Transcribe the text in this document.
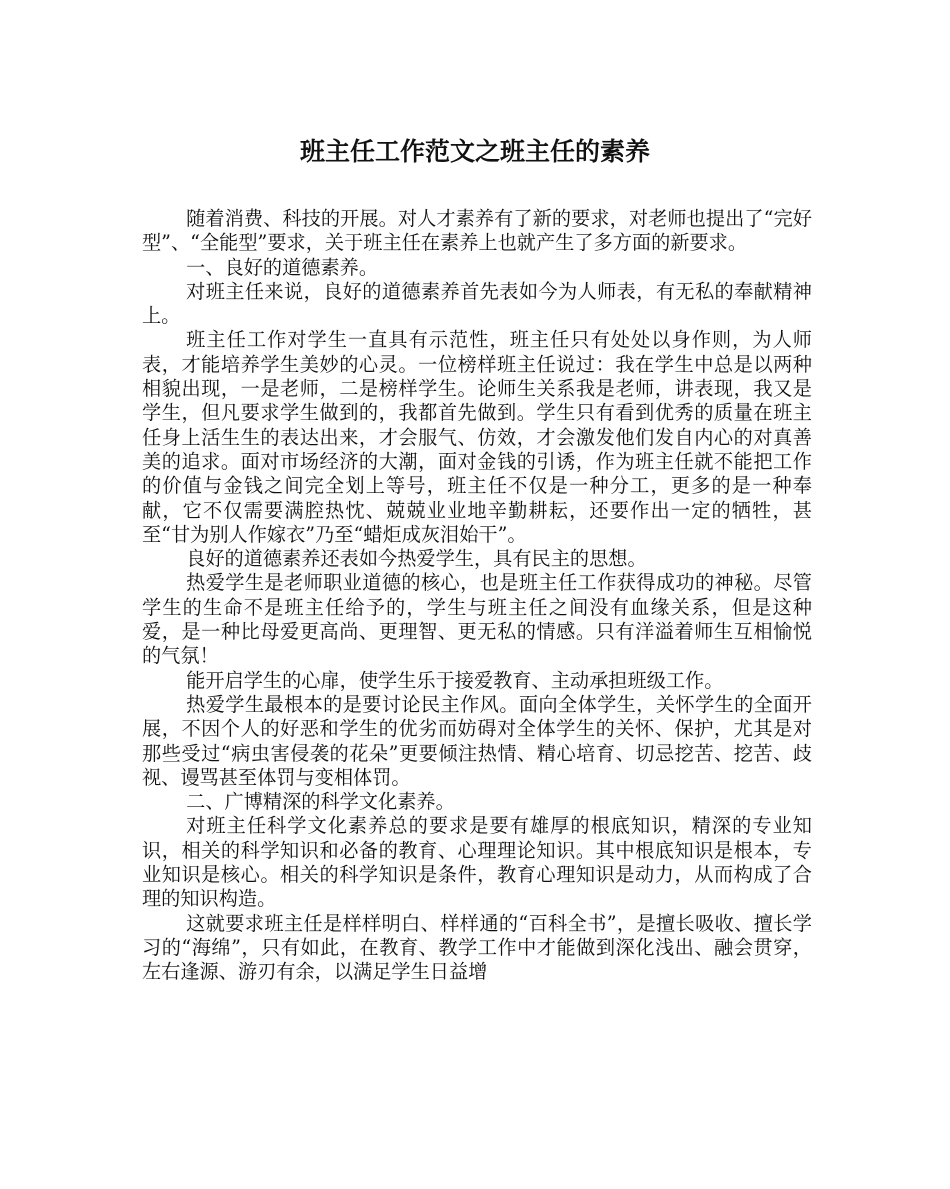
班主任工作范文之班主任的素养

随着消费、科技的开展。对人才素养有了新的要求，对老师也提出了“完好型”、“全能型”要求，关于班主任在素养上也就产生了多方面的新要求。

一、良好的道德素养。

对班主任来说，良好的道德素养首先表如今为人师表，有无私的奉献精神上。

班主任工作对学生一直具有示范性，班主任只有处处以身作则，为人师表，才能培养学生美妙的心灵。一位榜样班主任说过：我在学生中总是以两种相貌出现，一是老师，二是榜样学生。论师生关系我是老师，讲表现，我又是学生，但凡要求学生做到的，我都首先做到。学生只有看到优秀的质量在班主任身上活生生的表达出来，才会服气、仿效，才会激发他们发自内心的对真善美的追求。面对市场经济的大潮，面对金钱的引诱，作为班主任就不能把工作的价值与金钱之间完全划上等号，班主任不仅是一种分工，更多的是一种奉献，它不仅需要满腔热忱、兢兢业业地辛勤耕耘，还要作出一定的牺牲，甚至“甘为别人作嫁衣”乃至“蜡炬成灰泪始干”。

良好的道德素养还表如今热爱学生，具有民主的思想。

热爱学生是老师职业道德的核心，也是班主任工作获得成功的神秘。尽管学生的生命不是班主任给予的，学生与班主任之间没有血缘关系，但是这种爱，是一种比母爱更高尚、更理智、更无私的情感。只有洋溢着师生互相愉悦的气氛！

能开启学生的心扉，使学生乐于接爱教育、主动承担班级工作。

热爱学生最根本的是要讨论民主作风。面向全体学生，关怀学生的全面开展，不因个人的好恶和学生的优劣而妨碍对全体学生的关怀、保护，尤其是对那些受过“病虫害侵袭的花朵”更要倾注热情、精心培育、切忌挖苦、挖苦、歧视、谩骂甚至体罚与变相体罚。

二、广博精深的科学文化素养。

对班主任科学文化素养总的要求是要有雄厚的根底知识，精深的专业知识，相关的科学知识和必备的教育、心理理论知识。其中根底知识是根本，专业知识是核心。相关的科学知识是条件，教育心理知识是动力，从而构成了合理的知识构造。

这就要求班主任是样样明白、样样通的“百科全书”，是擅长吸收、擅长学习的“海绵”，只有如此，在教育、教学工作中才能做到深化浅出、融会贯穿，左右逢源、游刃有余，以满足学生日益增
